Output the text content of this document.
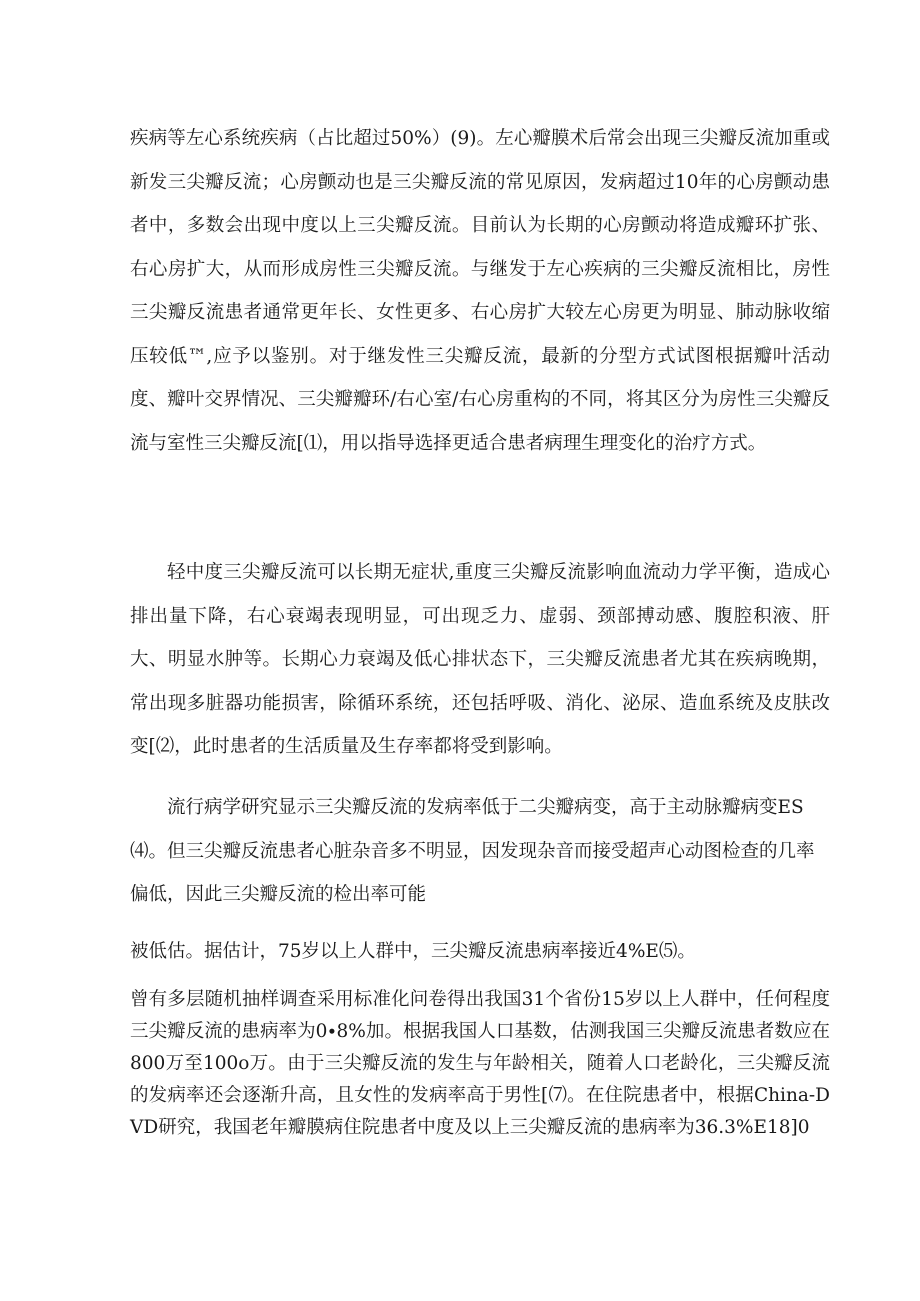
疾病等左心系统疾病（占比超过50%）(9)。左心瓣膜术后常会出现三尖瓣反流加重或新发三尖瓣反流；心房颤动也是三尖瓣反流的常见原因，发病超过10年的心房颤动患者中，多数会出现中度以上三尖瓣反流。目前认为长期的心房颤动将造成瓣环扩张、右心房扩大，从而形成房性三尖瓣反流。与继发于左心疾病的三尖瓣反流相比，房性三尖瓣反流患者通常更年长、女性更多、右心房扩大较左心房更为明显、肺动脉收缩压较低™,应予以鉴别。对于继发性三尖瓣反流，最新的分型方式试图根据瓣叶活动度、瓣叶交界情况、三尖瓣瓣环/右心室/右心房重构的不同，将其区分为房性三尖瓣反流与室性三尖瓣反流[⑴，用以指导选择更适合患者病理生理变化的治疗方式。

轻中度三尖瓣反流可以长期无症状,重度三尖瓣反流影响血流动力学平衡，造成心排出量下降，右心衰竭表现明显，可出现乏力、虚弱、颈部搏动感、腹腔积液、肝大、明显水肿等。长期心力衰竭及低心排状态下，三尖瓣反流患者尤其在疾病晚期，常出现多脏器功能损害，除循环系统，还包括呼吸、消化、泌尿、造血系统及皮肤改变[⑵，此时患者的生活质量及生存率都将受到影响。

流行病学研究显示三尖瓣反流的发病率低于二尖瓣病变，高于主动脉瓣病变ES⑷。但三尖瓣反流患者心脏杂音多不明显，因发现杂音而接受超声心动图检查的几率偏低，因此三尖瓣反流的检出率可能

被低估。据估计，75岁以上人群中，三尖瓣反流患病率接近4%E⑸。

曾有多层随机抽样调查采用标准化问卷得出我国31个省份15岁以上人群中，任何程度三尖瓣反流的患病率为0∙8%加。根据我国人口基数，估测我国三尖瓣反流患者数应在800万至100o万。由于三尖瓣反流的发生与年龄相关，随着人口老龄化，三尖瓣反流的发病率还会逐渐升高，且女性的发病率高于男性[⑺。在住院患者中，根据China-DVD研究，我国老年瓣膜病住院患者中度及以上三尖瓣反流的患病率为36.3%E18]0
